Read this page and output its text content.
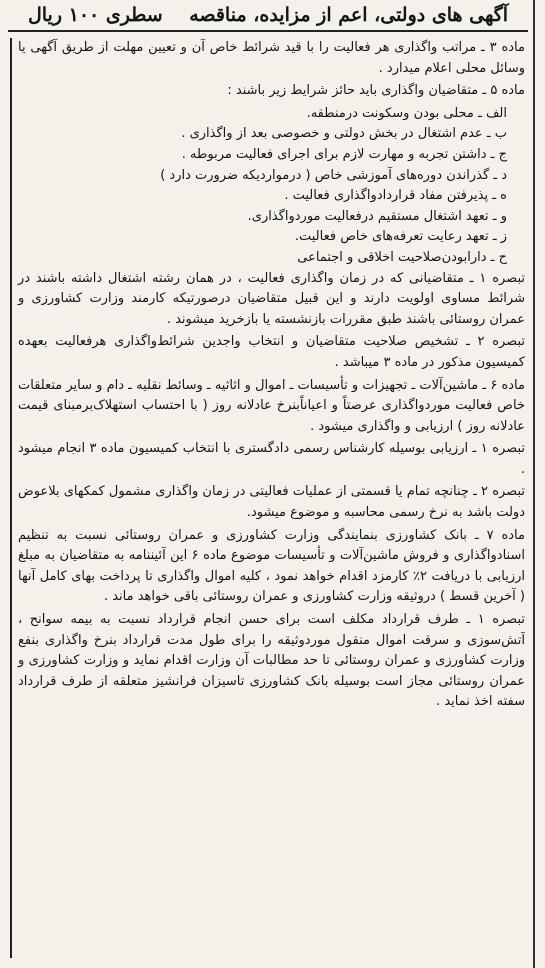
آگهی های دولتی، اعم از مزایده، مناقصه    سطری ۱۰۰ ریال

ماده ۳ ـ مراتب واگذاری هر فعالیت را با قید شرائط خاص آن و تعیین مهلت از طریق آگهی یا وسائل محلی اعلام میدارد .

ماده ۵ ـ متقاضیان واگذاری باید حائز شرایط زیر باشند :

الف ـ محلی بودن وسکونت درمنطقه.

ب ـ عدم اشتغال در بخش دولتی و خصوصی بعد از واگذاری .

ج ـ داشتن تجربه و مهارت لازم برای اجرای فعالیت مربوطه .

د ـ گذراندن دوره‌های آموزشی خاص ( درمواردیکه ضرورت دارد )

ه ـ پذیرفتن مفاد قراردادواگذاری فعالیت .

و ـ تعهد اشتغال مستقیم درفعالیت موردواگذاری.

ز ـ تعهد رعایت تعرفه‌های خاص فعالیت.

ح ـ دارابودن‌صلاحیت اخلاقی و اجتماعی

تبصره ۱ ـ متقاضیانی که در زمان واگذاری فعالیت ، در همان رشته اشتغال داشته باشند در شرائط مساوی اولویت دارند و این قبیل متقاضیان درصورتیکه کارمند وزارت کشاورزی و عمران روستائی باشند طبق مقررات بازنشسته یا بازخرید میشوند .

تبصره ۲ ـ تشخیص صلاحیت متقاضیان و انتخاب واجدین شرائط‌واگذاری هرفعالیت بعهده کمیسیون مذکور در ماده ۳ میباشد .

ماده ۶ ـ ماشین‌آلات ـ تجهیزات و تأسیسات ـ اموال و اثاثیه ـ وسائط نقلیه ـ دام و سایر متعلقات خاص فعالیت موردواگذاری عرصتاً و اعیاناًبنرخ عادلانه روز ( با احتساب استهلاک‌برمبنای قیمت عادلانه روز ) ارزیابی و واگذاری میشود .

تبصره ۱ ـ ارزیابی بوسیله کارشناس رسمی دادگستری با انتخاب کمیسیون ماده ۳ انجام میشود .

تبصره ۲ ـ چنانچه تمام یا قسمتی از عملیات فعالیتی در زمان واگذاری مشمول کمکهای بلاعوض دولت باشد به نرخ رسمی محاسبه و موضوع میشود.

ماده ۷ ـ بانک کشاورزی بنمایندگی وزارت کشاورزی و عمران روستائی نسبت به تنظیم اسنادواگذاری و فروش ماشین‌آلات و تأسیسات موضوع ماده ۶ این آئیننامه به متقاضیان به مبلغ ارزیابی با دریافت ۲٪ کارمزد اقدام خواهد نمود ، کلیه اموال واگذاری تا پرداخت بهای کامل آنها ( آخرین قسط ) دروثیقه وزارت کشاورزی و عمران روستائی باقی خواهد ماند .

تبصره ۱ ـ طرف قرارداد مکلف است برای حسن انجام قرارداد نسبت به بیمه سوانح ، آتش‌سوزی و سرقت اموال منقول موردوثیقه را برای طول مدت قرارداد بنرخ واگذاری بنفع وزارت کشاورزی و عمران روستائی تا حد مطالبات آن وزارت اقدام نماید و وزارت کشاورزی و عمران روستائی مجاز است بوسیله بانک کشاورزی تاسیزان فرانشیز متعلقه از طرف قرارداد سفته اخذ نماید .
